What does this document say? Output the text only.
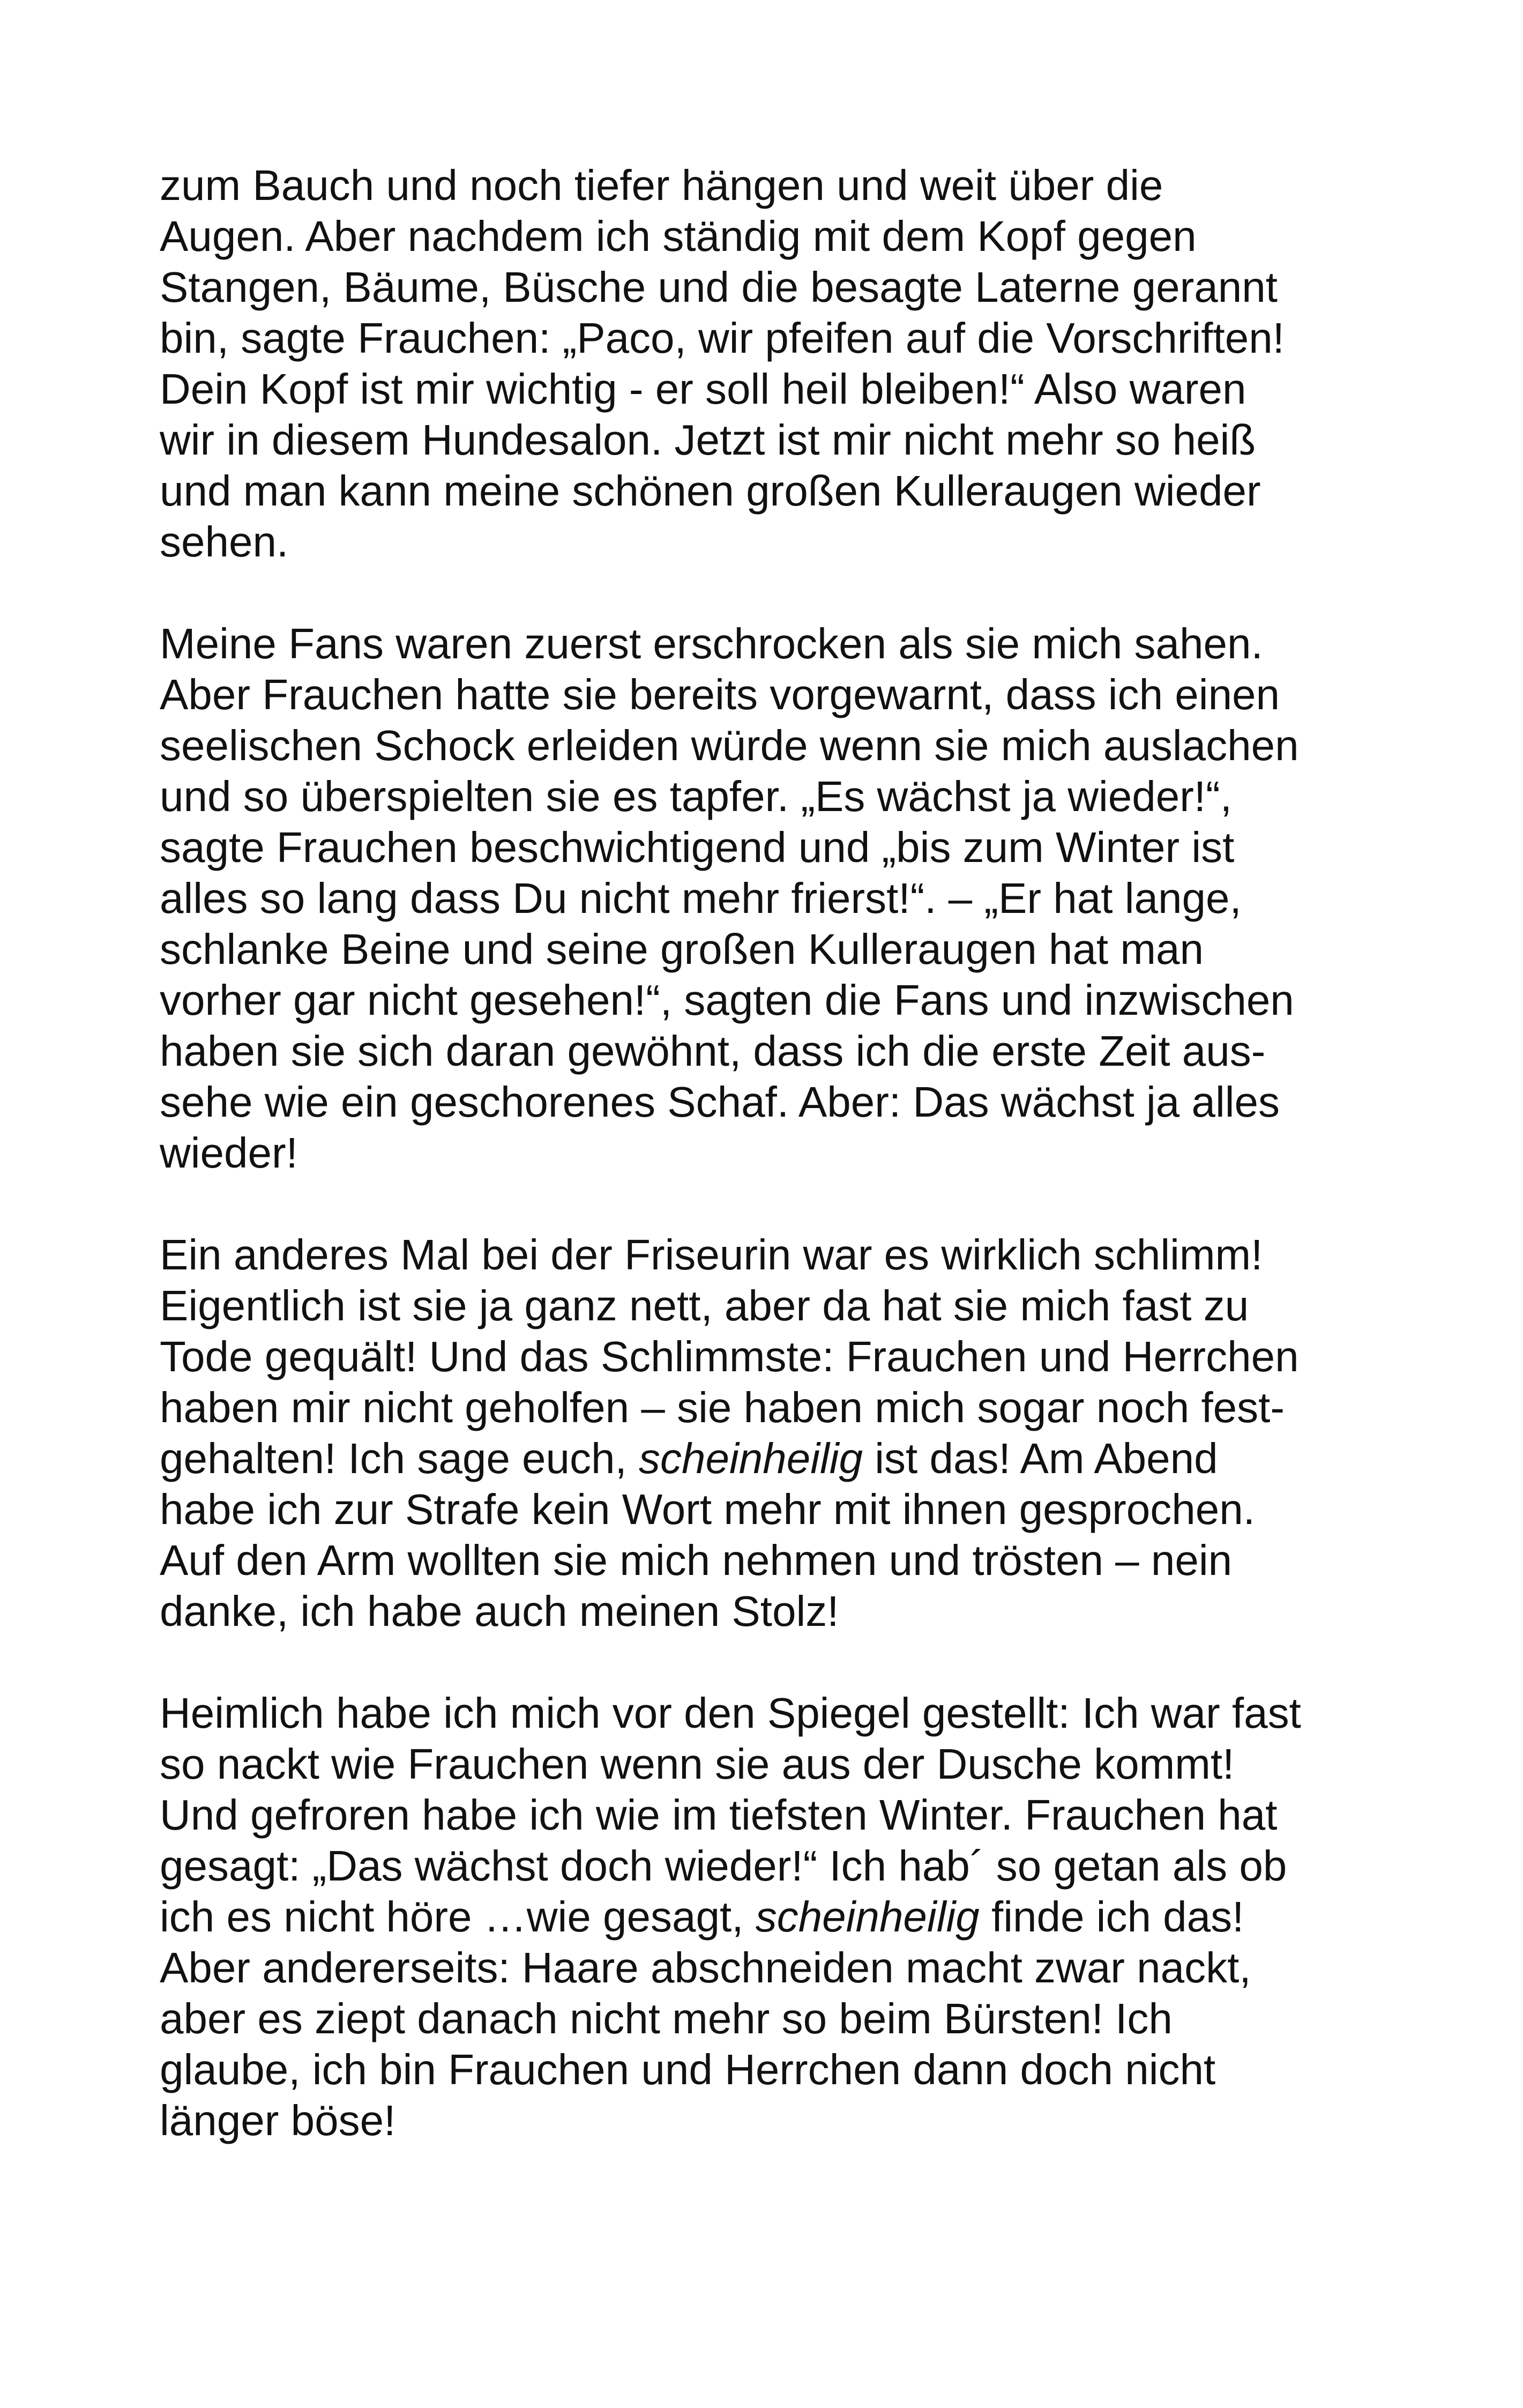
zum Bauch und noch tiefer hängen und weit über die
Augen. Aber nachdem ich ständig mit dem Kopf gegen
Stangen, Bäume, Büsche und die besagte Laterne gerannt
bin, sagte Frauchen: „Paco, wir pfeifen auf die Vorschriften!
Dein Kopf ist mir wichtig - er soll heil bleiben!“ Also waren
wir in diesem Hundesalon. Jetzt ist mir nicht mehr so heiß
und man kann meine schönen großen Kulleraugen wieder
sehen.

Meine Fans waren zuerst erschrocken als sie mich sahen.
Aber Frauchen hatte sie bereits vorgewarnt, dass ich einen
seelischen Schock erleiden würde wenn sie mich auslachen
und so überspielten sie es tapfer. „Es wächst ja wieder!“,
sagte Frauchen beschwichtigend und „bis zum Winter ist
alles so lang dass Du nicht mehr frierst!“. – „Er hat lange,
schlanke Beine und seine großen Kulleraugen hat man
vorher gar nicht gesehen!“, sagten die Fans und inzwischen
haben sie sich daran gewöhnt, dass ich die erste Zeit aus-
sehe wie ein geschorenes Schaf. Aber: Das wächst ja alles
wieder!

Ein anderes Mal bei der Friseurin war es wirklich schlimm!
Eigentlich ist sie ja ganz nett, aber da hat sie mich fast zu
Tode gequält! Und das Schlimmste: Frauchen und Herrchen
haben mir nicht geholfen – sie haben mich sogar noch fest-
gehalten! Ich sage euch, scheinheilig ist das! Am Abend
habe ich zur Strafe kein Wort mehr mit ihnen gesprochen.
Auf den Arm wollten sie mich nehmen und trösten – nein
danke, ich habe auch meinen Stolz!

Heimlich habe ich mich vor den Spiegel gestellt: Ich war fast
so nackt wie Frauchen wenn sie aus der Dusche kommt!
Und gefroren habe ich wie im tiefsten Winter. Frauchen hat
gesagt: „Das wächst doch wieder!“ Ich hab´ so getan als ob
ich es nicht höre …wie gesagt, scheinheilig finde ich das!
Aber andererseits: Haare abschneiden macht zwar nackt,
aber es ziept danach nicht mehr so beim Bürsten! Ich
glaube, ich bin Frauchen und Herrchen dann doch nicht
länger böse!
